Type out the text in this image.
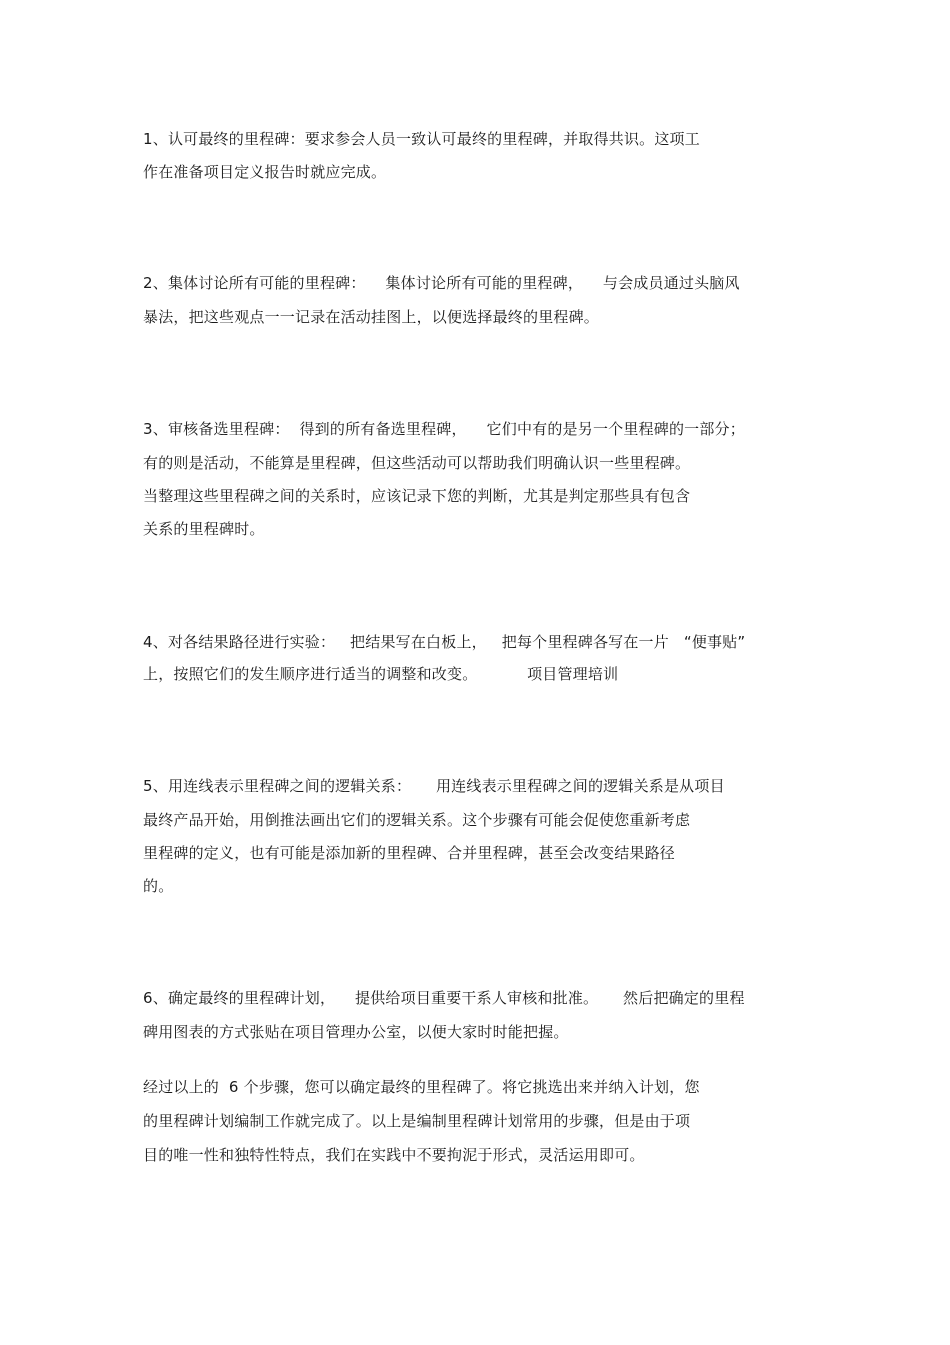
1、认可最终的里程碑：要求参会人员一致认可最终的里程碑，并取得共识。这项工
作在准备项目定义报告时就应完成。
2、集体讨论所有可能的里程碑：    集体讨论所有可能的里程碑，    与会成员通过头脑风
暴法，把这些观点一一记录在活动挂图上，以便选择最终的里程碑。
3、审核备选里程碑：  得到的所有备选里程碑，    它们中有的是另一个里程碑的一部分；
有的则是活动，不能算是里程碑，但这些活动可以帮助我们明确认识一些里程碑。
当整理这些里程碑之间的关系时，应该记录下您的判断，尤其是判定那些具有包含
关系的里程碑时。
4、对各结果路径进行实验：   把结果写在白板上，   把每个里程碑各写在一片   “便事贴”
上，按照它们的发生顺序进行适当的调整和改变。          项目管理培训
5、用连线表示里程碑之间的逻辑关系：     用连线表示里程碑之间的逻辑关系是从项目
最终产品开始，用倒推法画出它们的逻辑关系。这个步骤有可能会促使您重新考虑
里程碑的定义，也有可能是添加新的里程碑、合并里程碑，甚至会改变结果路径
的。
6、确定最终的里程碑计划，    提供给项目重要干系人审核和批准。     然后把确定的里程
碑用图表的方式张贴在项目管理办公室，以便大家时时能把握。
经过以上的  6 个步骤，您可以确定最终的里程碑了。将它挑选出来并纳入计划，您
的里程碑计划编制工作就完成了。以上是编制里程碑计划常用的步骤，但是由于项
目的唯一性和独特性特点，我们在实践中不要拘泥于形式，灵活运用即可。
